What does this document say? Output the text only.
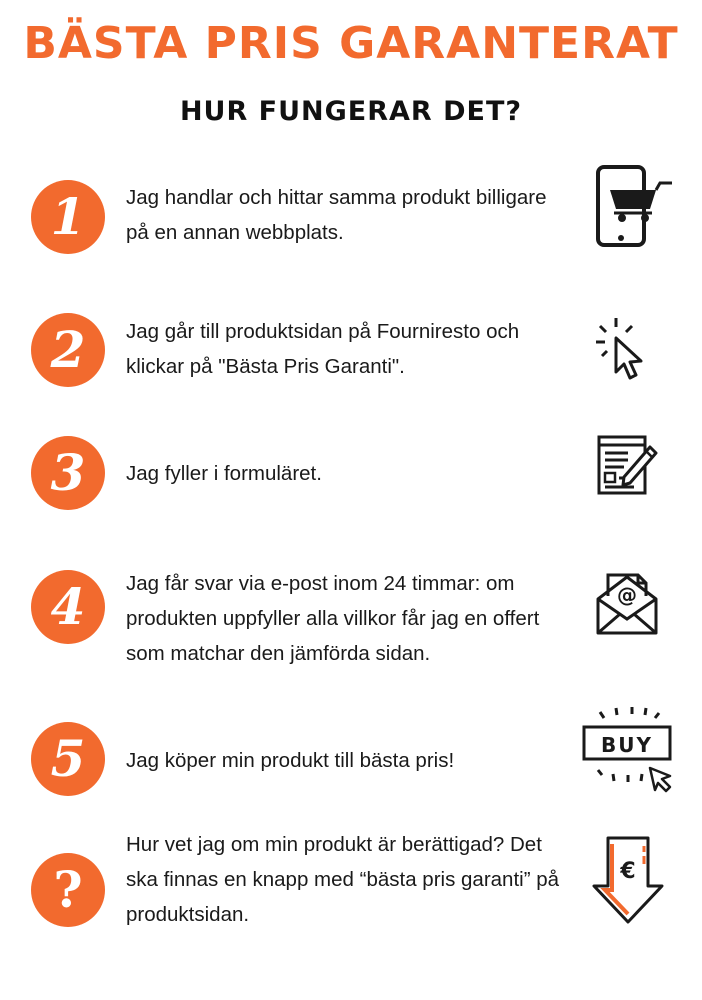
BÄSTA PRIS GARANTERAT
HUR FUNGERAR DET?
1	Jag handlar och hittar samma produkt billigare på en annan webbplats.
2	Jag går till produktsidan på Fourniresto och klickar på "Bästa Pris Garanti".
3	Jag fyller i formuläret.
4	Jag får svar via e-post inom 24 timmar: om produkten uppfyller alla villkor får jag en offert som matchar den jämförda sidan.
@
5	Jag köper min produkt till bästa pris!
BUY
?
Hur vet jag om min produkt är berättigad? Det ska finnas en knapp med “bästa pris garanti” på produktsidan.
€
